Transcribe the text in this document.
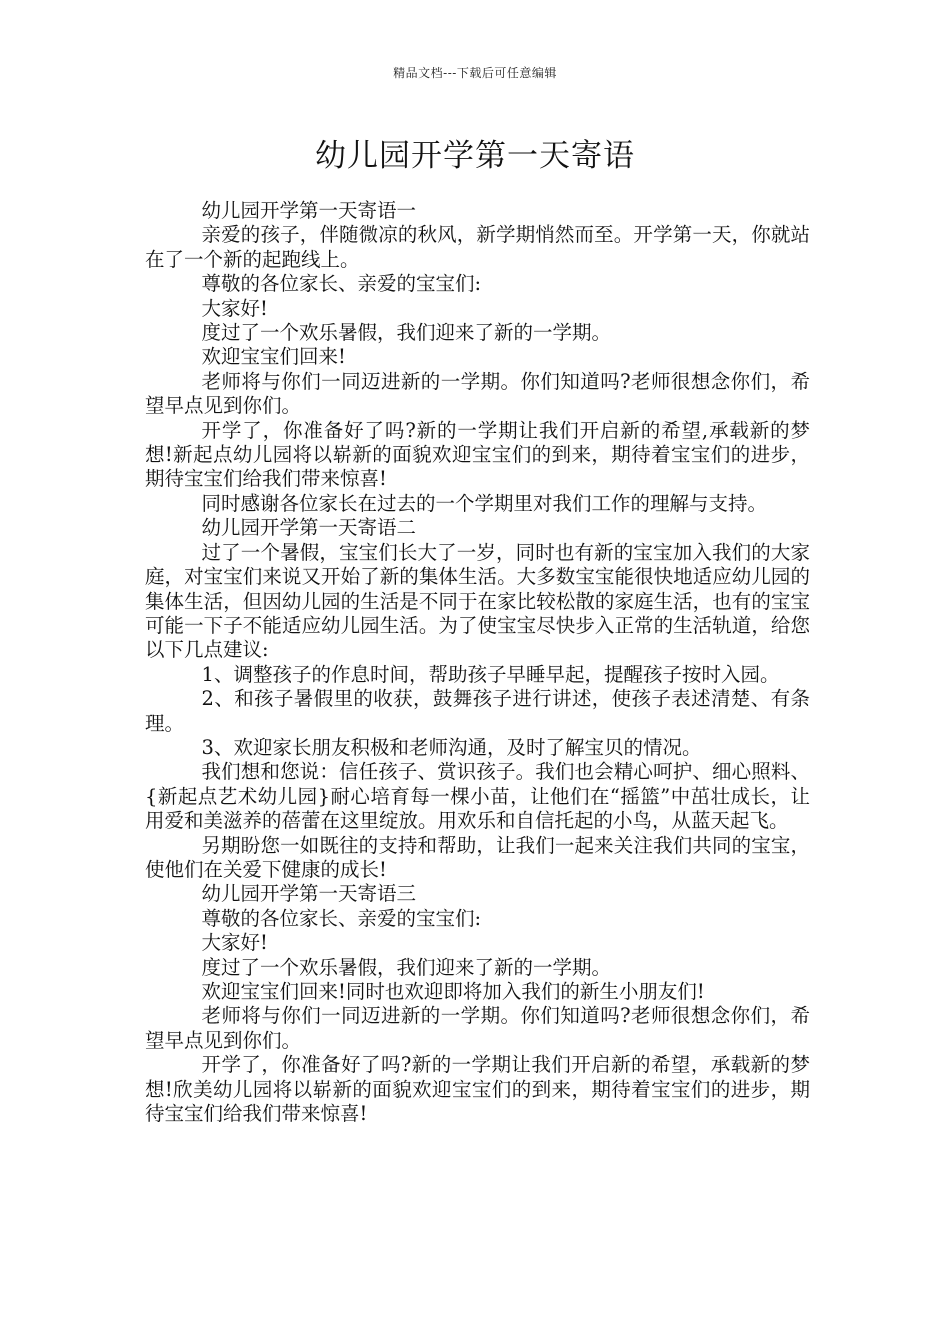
精品文档---下载后可任意编辑
幼儿园开学第一天寄语

幼儿园开学第一天寄语一

亲爱的孩子，伴随微凉的秋风，新学期悄然而至。开学第一天，你就站在了一个新的起跑线上。

尊敬的各位家长、亲爱的宝宝们:

大家好!

度过了一个欢乐暑假，我们迎来了新的一学期。

欢迎宝宝们回来!

老师将与你们一同迈进新的一学期。你们知道吗?老师很想念你们，希望早点见到你们。

开学了，你准备好了吗?新的一学期让我们开启新的希望,承载新的梦想!新起点幼儿园将以崭新的面貌欢迎宝宝们的到来，期待着宝宝们的进步，期待宝宝们给我们带来惊喜!

同时感谢各位家长在过去的一个学期里对我们工作的理解与支持。

幼儿园开学第一天寄语二

过了一个暑假，宝宝们长大了一岁，同时也有新的宝宝加入我们的大家庭，对宝宝们来说又开始了新的集体生活。大多数宝宝能很快地适应幼儿园的集体生活，但因幼儿园的生活是不同于在家比较松散的家庭生活，也有的宝宝可能一下子不能适应幼儿园生活。为了使宝宝尽快步入正常的生活轨道，给您以下几点建议:

1、调整孩子的作息时间，帮助孩子早睡早起，提醒孩子按时入园。

2、和孩子暑假里的收获，鼓舞孩子进行讲述，使孩子表述清楚、有条理。

3、欢迎家长朋友积极和老师沟通，及时了解宝贝的情况。

我们想和您说：信任孩子、赏识孩子。我们也会精心呵护、细心照料、{新起点艺术幼儿园}耐心培育每一棵小苗，让他们在“摇篮”中茁壮成长，让用爱和美滋养的蓓蕾在这里绽放。用欢乐和自信托起的小鸟，从蓝天起飞。

另期盼您一如既往的支持和帮助，让我们一起来关注我们共同的宝宝，使他们在关爱下健康的成长!

幼儿园开学第一天寄语三

尊敬的各位家长、亲爱的宝宝们:

大家好!

度过了一个欢乐暑假，我们迎来了新的一学期。

欢迎宝宝们回来!同时也欢迎即将加入我们的新生小朋友们!

老师将与你们一同迈进新的一学期。你们知道吗?老师很想念你们，希望早点见到你们。

开学了，你准备好了吗?新的一学期让我们开启新的希望，承载新的梦想!欣美幼儿园将以崭新的面貌欢迎宝宝们的到来，期待着宝宝们的进步，期待宝宝们给我们带来惊喜!
